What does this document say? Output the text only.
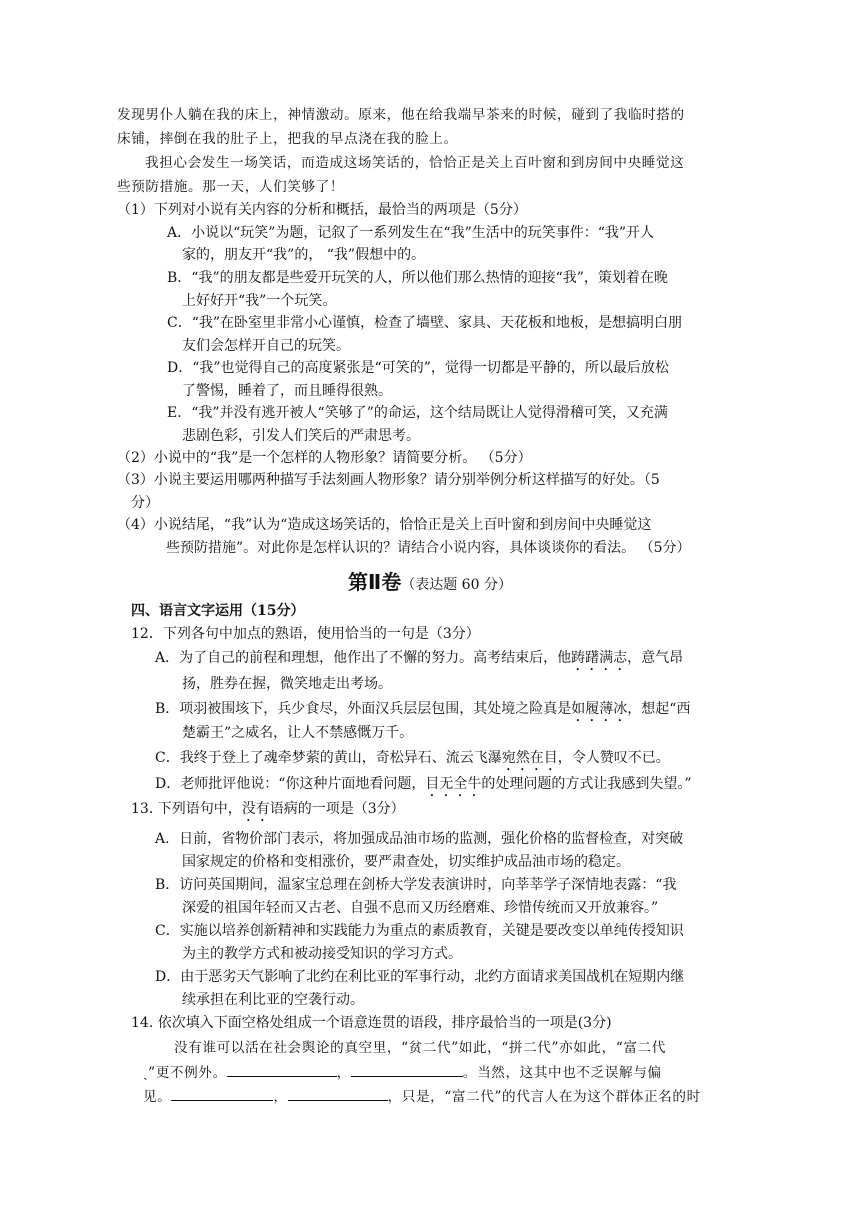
发现男仆人躺在我的床上，神情激动。原来，他在给我端早茶来的时候，碰到了我临时搭的
床铺，摔倒在我的肚子上，把我的早点浇在我的脸上。
我担心会发生一场笑话，而造成这场笑话的，恰恰正是关上百叶窗和到房间中央睡觉这
些预防措施。那一天，人们笑够了！
（1）下列对小说有关内容的分析和概括，最恰当的两项是（5分）
A．小说以“玩笑”为题，记叙了一系列发生在“我”生活中的玩笑事件：“我”开人
家的，朋友开“我”的， “我”假想中的。
B．“我”的朋友都是些爱开玩笑的人，所以他们那么热情的迎接“我”，策划着在晚
上好好开“我”一个玩笑。
C．“我”在卧室里非常小心谨慎，检查了墙壁、家具、天花板和地板，是想搞明白朋
友们会怎样开自己的玩笑。
D．“我”也觉得自己的高度紧张是“可笑的”，觉得一切都是平静的，所以最后放松
了警惕，睡着了，而且睡得很熟。
E．“我”并没有逃开被人“笑够了”的命运，这个结局既让人觉得滑稽可笑，又充满
悲剧色彩，引发人们笑后的严肃思考。
（2）小说中的“我”是一个怎样的人物形象？请简要分析。 （5分）
（3）小说主要运用哪两种描写手法刻画人物形象？请分别举例分析这样描写的好处。（5
分）
（4）小说结尾，“我”认为“造成这场笑话的，恰恰正是关上百叶窗和到房间中央睡觉这
些预防措施”。对此你是怎样认识的？请结合小说内容，具体谈谈你的看法。 （5分）
第Ⅱ卷（表达题 60 分）
四、语言文字运用（15分）
12．下列各句中加点的熟语，使用恰当的一句是（3分）
A．为了自己的前程和理想，他作出了不懈的努力。高考结束后，他踌躇满志，意气昂
扬，胜券在握，微笑地走出考场。
B．项羽被围垓下，兵少食尽，外面汉兵层层包围，其处境之险真是如履薄冰，想起“西
楚霸王”之威名，让人不禁感慨万千。
C．我终于登上了魂牵梦萦的黄山，奇松异石、流云飞瀑宛然在目，令人赞叹不已。
D．老师批评他说：“你这种片面地看问题，目无全牛的处理问题的方式让我感到失望。”
13. 下列语句中，没有语病的一项是（3分）
A．日前，省物价部门表示，将加强成品油市场的监测，强化价格的监督检查，对突破
国家规定的价格和变相涨价，要严肃查处，切实维护成品油市场的稳定。
B．访问英国期间，温家宝总理在剑桥大学发表演讲时，向莘莘学子深情地表露：“我
深爱的祖国年轻而又古老、自强不息而又历经磨难、珍惜传统而又开放兼容。”
C．实施以培养创新精神和实践能力为重点的素质教育，关键是要改变以单纯传授知识
为主的教学方式和被动接受知识的学习方式。
D．由于恶劣天气影响了北约在利比亚的军事行动，北约方面请求美国战机在短期内继
续承担在利比亚的空袭行动。
14. 依次填入下面空格处组成一个语意连贯的语段，排序最恰当的一项是(3分)
没有谁可以活在社会舆论的真空里，“贫二代”如此，“拼二代”亦如此，“富二代
ˎ”更不例外。	，	。当然，这其中也不乏误解与偏
见。	，	，只是，“富二代”的代言人在为这个群体正名的时
